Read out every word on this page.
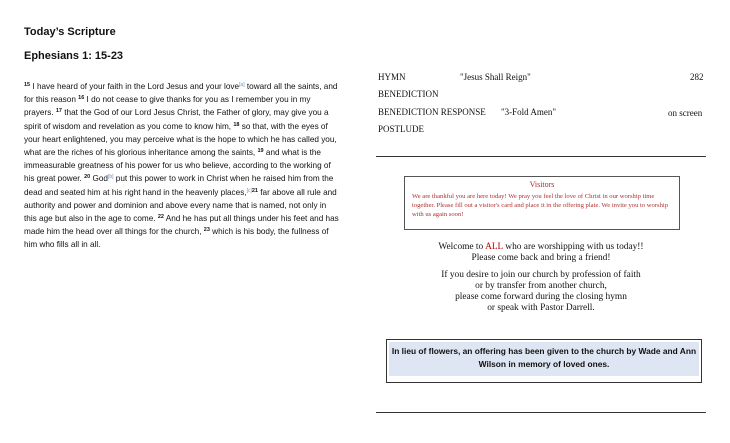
Today’s Scripture

Ephesians 1: 15-23

$^{15}$ I have heard of your faith in the Lord Jesus and your love[a] toward all the saints, and for this reason $^{16}$ I do not cease to give thanks for you as I remember you in my prayers. $^{17}$ that the God of our Lord Jesus Christ, the Father of glory, may give you a spirit of wisdom and revelation as you come to know him, $^{18}$ so that, with the eyes of your heart enlightened, you may perceive what is the hope to which he has called you, what are the riches of his glorious inheritance among the saints, $^{19}$ and what is the immeasurable greatness of his power for us who believe, according to the working of his great power. $^{20}$ God[b] put this power to work in Christ when he raised him from the dead and seated him at his right hand in the heavenly places,$^{[c]21}$ far above all rule and authority and power and dominion and above every name that is named, not only in this age but also in the age to come. $^{22}$ And he has put all things under his feet and has made him the head over all things for the church, $^{23}$ which is his body, the fullness of him who fills all in all.
HYMN	"Jesus Shall Reign"	282
BENEDICTION
BENEDICTION RESPONSE "3-Fold Amen"	on screen
POSTLUDE
Visitors
We are thankful you are here today! We pray you feel the love of Christ in our worship time together. Please fill out a visitor's card and place it in the offering plate. We invite you to worship with us again soon!
Welcome to ALL who are worshipping with us today!!
Please come back and bring a friend!
If you desire to join our church by profession of faith
or by transfer from another church,
please come forward during the closing hymn
or speak with Pastor Darrell.
In lieu of flowers, an offering has been given to the church by Wade and Ann Wilson in memory of loved ones.
